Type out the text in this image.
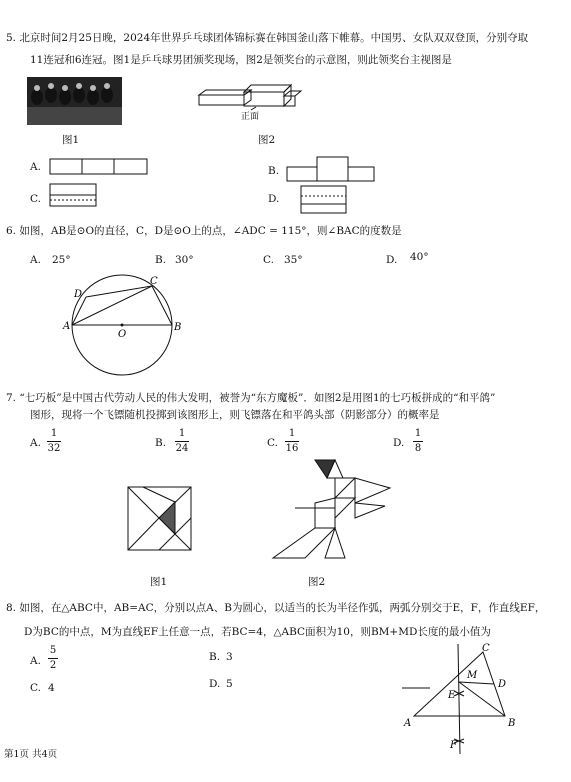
5. 北京时间2月25日晚，2024年世界乒乓球团体锦标赛在韩国釜山落下帷幕。中国男、女队双双登顶，分别夺取
11连冠和6连冠。图1是乒乓球男团颁奖现场，图2是领奖台的示意图，则此领奖台主视图是
图1
正面
图2
A.	B.
C.	D.
6. 如图，AB是⊙O的直径，C，D是⊙O上的点，∠ADC = 115°，则∠BAC的度数是
A. 25°	B. 30°	C. 35°	D. 40°
A	B
C
D
O
7. “七巧板”是中国古代劳动人民的伟大发明，被誉为“东方魔板”．如图2是用图1的七巧板拼成的“和平鸽”
图形，现将一个飞镖随机投掷到该图形上，则飞镖落在和平鸽头部（阴影部分）的概率是
A.
1
32	B.
1
24	C.
1
16	D.
1
8
图1	图2
8. 如图，在△ABC中，AB=AC，分别以点A、B为圆心，以适当的长为半径作弧，两弧分别交于E，F，作直线EF，
D为BC的中点，M为直线EF上任意一点，若BC=4，△ABC面积为10，则BM+MD长度的最小值为
A.
5
2
B. 3
C. 4	D. 5
A	B
C
D
E
F
M
第1页 共4页
